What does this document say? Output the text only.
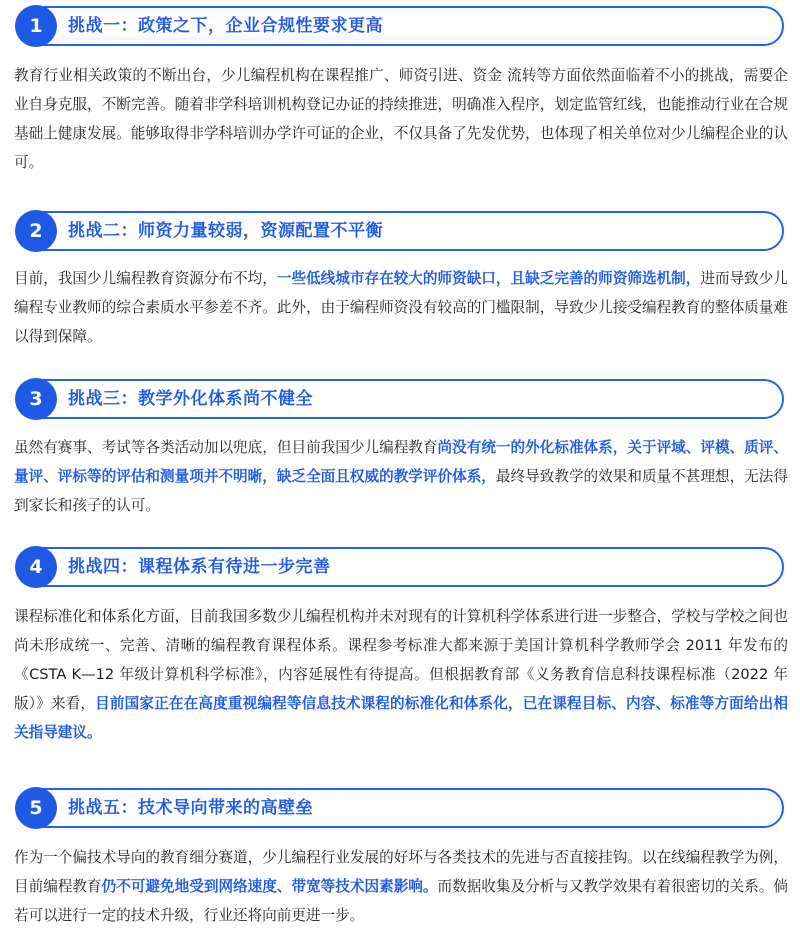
1	挑战一：政策之下，企业合规性要求更高

教育行业相关政策的不断出台，少儿编程机构在课程推广、师资引进、资金 流转等方面依然面临着不小的挑战，需要企业自身克服，不断完善。随着非学科培训机构登记办证的持续推进，明确准入程序，划定监管红线，也能推动行业在合规基础上健康发展。能够取得非学科培训办学许可证的企业，不仅具备了先发优势，也体现了相关单位对少儿编程企业的认可。

2	挑战二：师资力量较弱，资源配置不平衡

目前，我国少儿编程教育资源分布不均，一些低线城市存在较大的师资缺口，且缺乏完善的师资筛选机制，进而导致少儿编程专业教师的综合素质水平参差不齐。此外，由于编程师资没有较高的门槛限制，导致少儿接受编程教育的整体质量难以得到保障。

3	挑战三：教学外化体系尚不健全

虽然有赛事、考试等各类活动加以兜底，但目前我国少儿编程教育尚没有统一的外化标准体系，关于评域、评模、质评、量评、评标等的评估和测量项并不明晰，缺乏全面且权威的教学评价体系，最终导致教学的效果和质量不甚理想，无法得到家长和孩子的认可。

4	挑战四：课程体系有待进一步完善

课程标准化和体系化方面，目前我国多数少儿编程机构并未对现有的计算机科学体系进行进一步整合，学校与学校之间也尚未形成统一、完善、清晰的编程教育课程体系。课程参考标准大都来源于美国计算机科学教师学会 2011 年发布的《CSTA K—12 年级计算机科学标准》，内容延展性有待提高。但根据教育部《义务教育信息科技课程标准（2022 年版）》来看，目前国家正在在高度重视编程等信息技术课程的标准化和体系化，已在课程目标、内容、标准等方面给出相关指导建议。

5	挑战五：技术导向带来的高壁垒

作为一个偏技术导向的教育细分赛道，少儿编程行业发展的好坏与各类技术的先进与否直接挂钩。以在线编程教学为例，目前编程教育仍不可避免地受到网络速度、带宽等技术因素影响。而数据收集及分析与又教学效果有着很密切的关系。倘若可以进行一定的技术升级，行业还将向前更进一步。
